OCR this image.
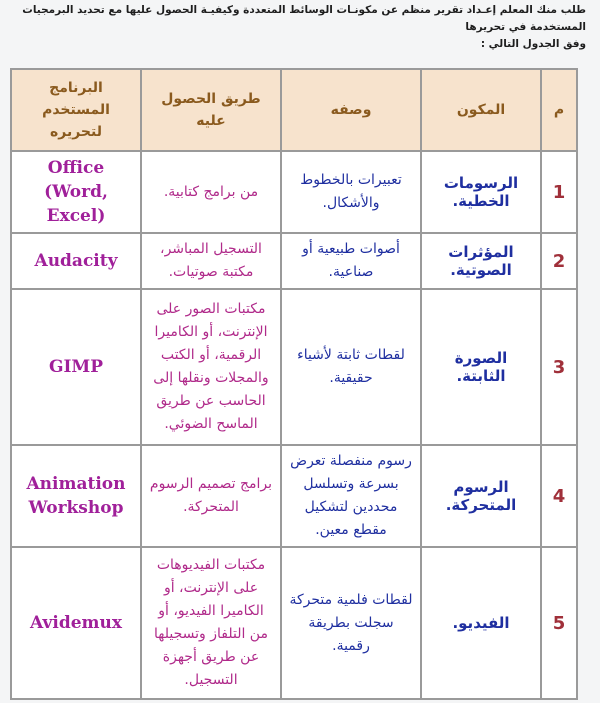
طلب منك المعلم إعـداد تقرير منظم عن مكونـات الوسائط المتعددة وكيفيـة الحصول عليها مع تحديد البرمجيات المستخدمة في تحريرها

وفق الجدول التالي :

م	المكون	وصفه	طريق الحصول عليه	البرنامج المستخدم لتحريره
1	الرسومات الخطية.	تعبيرات بالخطوط والأشكال.	من برامج كتابية.	Office (Word, Excel)
2	المؤثرات الصوتية.	أصوات طبيعية أو صناعية.	التسجيل المباشر، مكتبة صوتيات.	Audacity
3	الصورة الثابتة.	لقطات ثابتة لأشياء حقيقية.	مكتبات الصور على الإنترنت، أو الكاميرا الرقمية، أو الكتب والمجلات ونقلها إلى الحاسب عن طريق الماسح الضوئي.	GIMP
4	الرسوم المتحركة.	رسوم منفصلة تعرض بسرعة وتسلسل محددين لتشكيل مقطع معين.	برامج تصميم الرسوم المتحركة.	Animation Workshop
5	الفيديو.	لقطات فلمية متحركة سجلت بطريقة رقمية.	مكتبات الفيديوهات على الإنترنت، أو الكاميرا الفيديو، أو من التلفاز وتسجيلها عن طريق أجهزة التسجيل.	Avidemux
